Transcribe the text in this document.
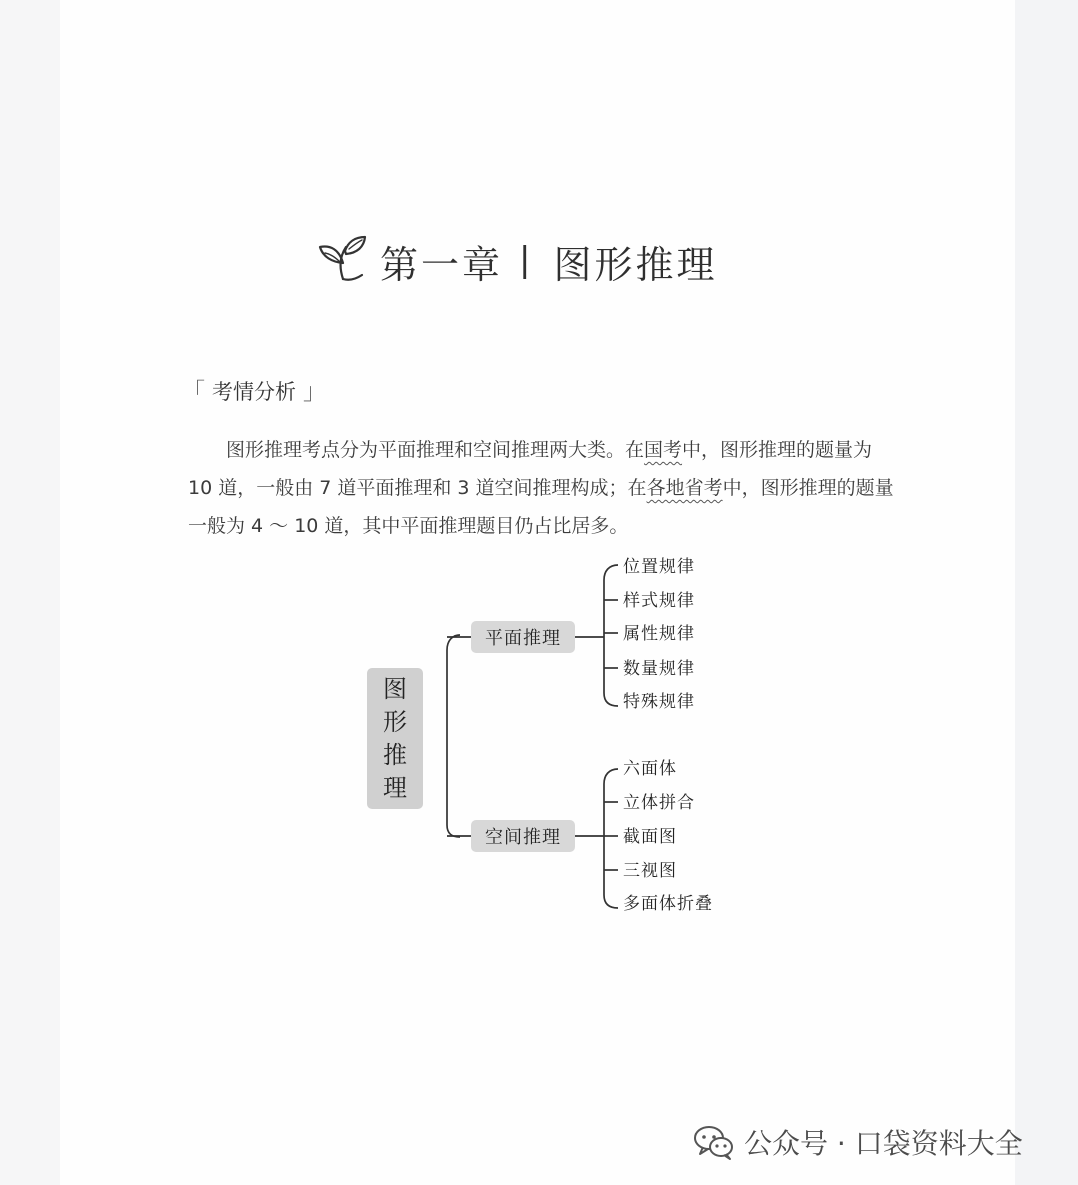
第一章 | 图形推理
「 考情分析 」
图形推理考点分为平面推理和空间推理两大类。在国考中，图形推理的题量为
10 道，一般由 7 道平面推理和 3 道空间推理构成；在各地省考中，图形推理的题量
一般为 4 ～ 10 道，其中平面推理题目仍占比居多。
图
形
推
理
平面推理
空间推理
位置规律
样式规律
属性规律
数量规律
特殊规律
六面体
立体拼合
截面图
三视图
多面体折叠
公众号 · 口袋资料大全
